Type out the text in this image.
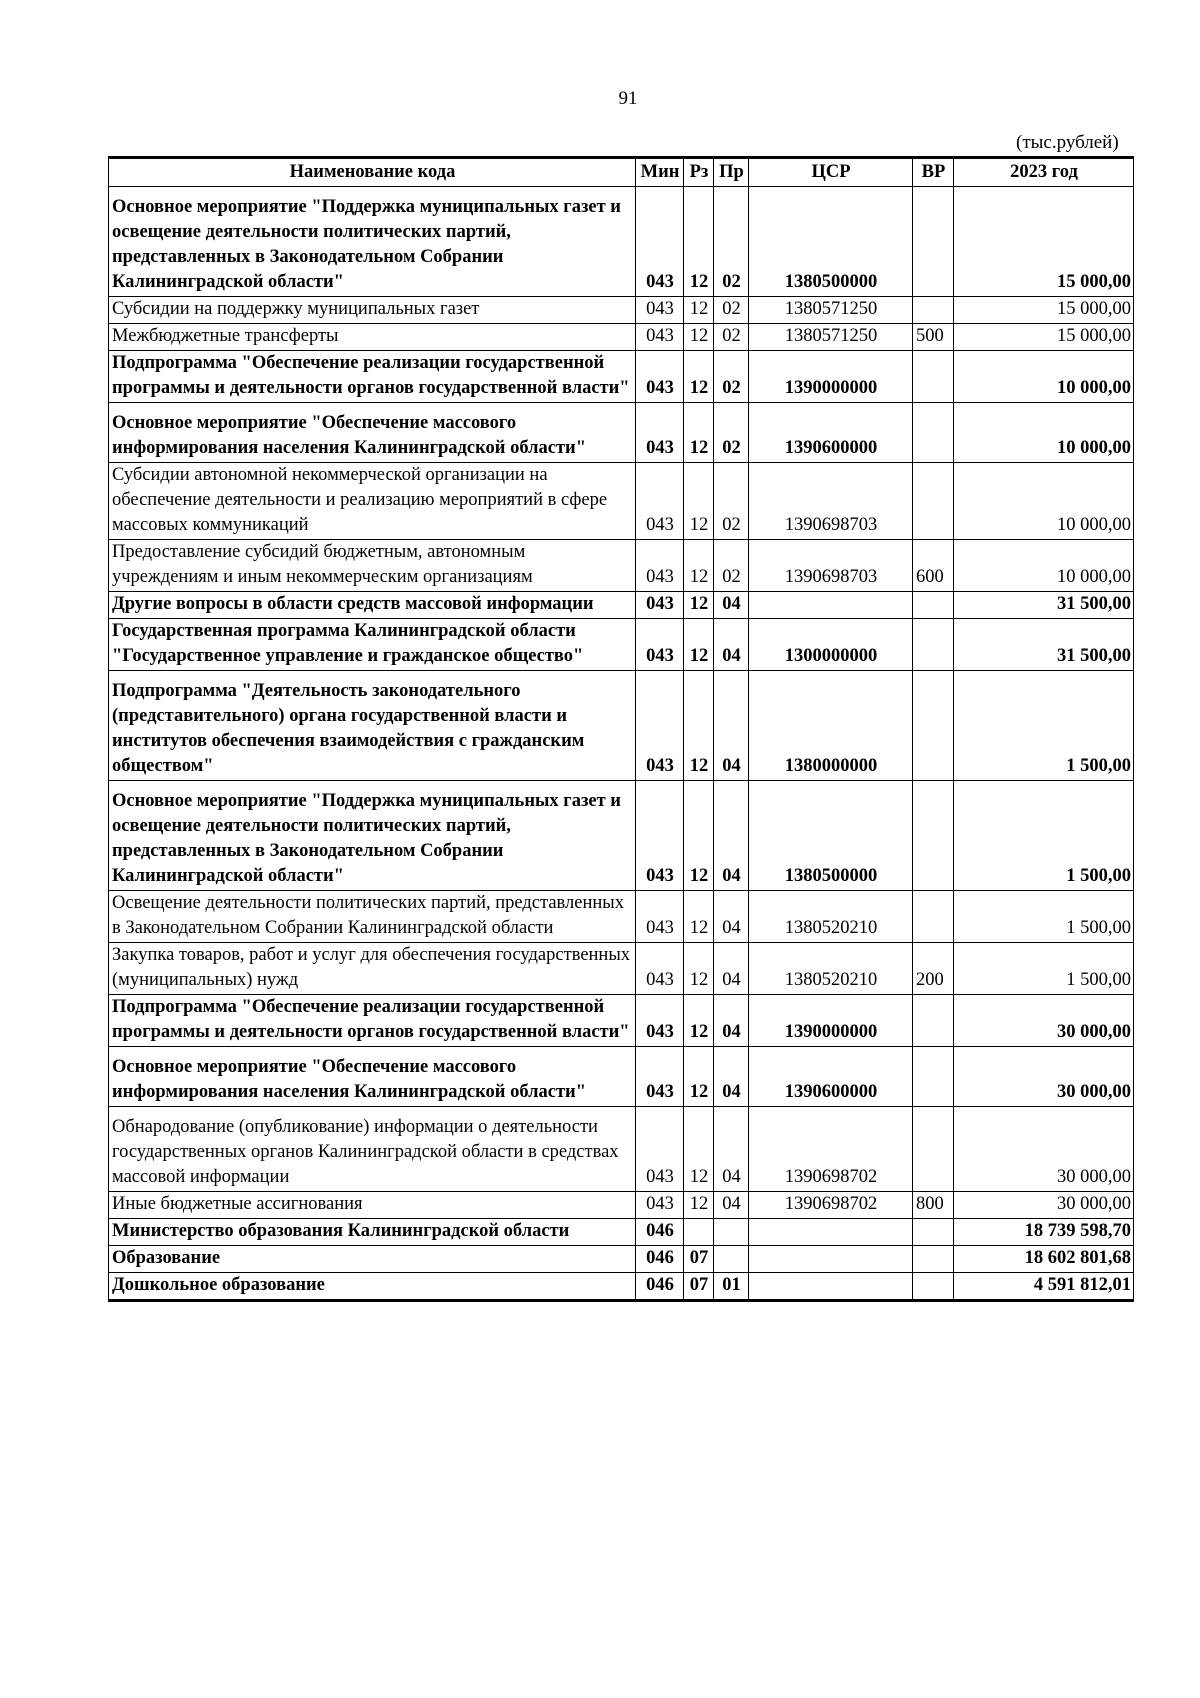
91
(тыс.рублей)
Наименование кода	Мин	Рз	Пр	ЦСР	ВР	2023 год
Основное мероприятие "Поддержка муниципальных газет и освещение деятельности политических партий, представленных в Законодательном Собрании Калининградской области"	043	12	02	1380500000		15 000,00
Субсидии на поддержку муниципальных газет	043	12	02	1380571250		15 000,00
Межбюджетные трансферты	043	12	02	1380571250	500	15 000,00
Подпрограмма "Обеспечение реализации государственной программы и деятельности органов государственной власти"	043	12	02	1390000000		10 000,00
Основное мероприятие "Обеспечение массового информирования населения Калининградской области"	043	12	02	1390600000		10 000,00
Субсидии автономной некоммерческой организации на обеспечение деятельности и реализацию мероприятий в сфере массовых коммуникаций	043	12	02	1390698703		10 000,00
Предоставление субсидий бюджетным, автономным учреждениям и иным некоммерческим организациям	043	12	02	1390698703	600	10 000,00
Другие вопросы в области средств массовой информации	043	12	04			31 500,00
Государственная программа Калининградской области "Государственное управление и гражданское общество"	043	12	04	1300000000		31 500,00
Подпрограмма "Деятельность законодательного (представительного) органа государственной власти и институтов обеспечения взаимодействия с гражданским обществом"	043	12	04	1380000000		1 500,00
Основное мероприятие "Поддержка муниципальных газет и освещение деятельности политических партий, представленных в Законодательном Собрании Калининградской области"	043	12	04	1380500000		1 500,00
Освещение деятельности политических партий, представленных в Законодательном Собрании Калининградской области	043	12	04	1380520210		1 500,00
Закупка товаров, работ и услуг для обеспечения государственных (муниципальных) нужд	043	12	04	1380520210	200	1 500,00
Подпрограмма "Обеспечение реализации государственной программы и деятельности органов государственной власти"	043	12	04	1390000000		30 000,00
Основное мероприятие "Обеспечение массового информирования населения Калининградской области"	043	12	04	1390600000		30 000,00
Обнародование (опубликование) информации о деятельности государственных органов Калининградской области в средствах массовой информации	043	12	04	1390698702		30 000,00
Иные бюджетные ассигнования	043	12	04	1390698702	800	30 000,00
Министерство образования Калининградской области	046					18 739 598,70
Образование	046	07				18 602 801,68
Дошкольное образование	046	07	01			4 591 812,01
